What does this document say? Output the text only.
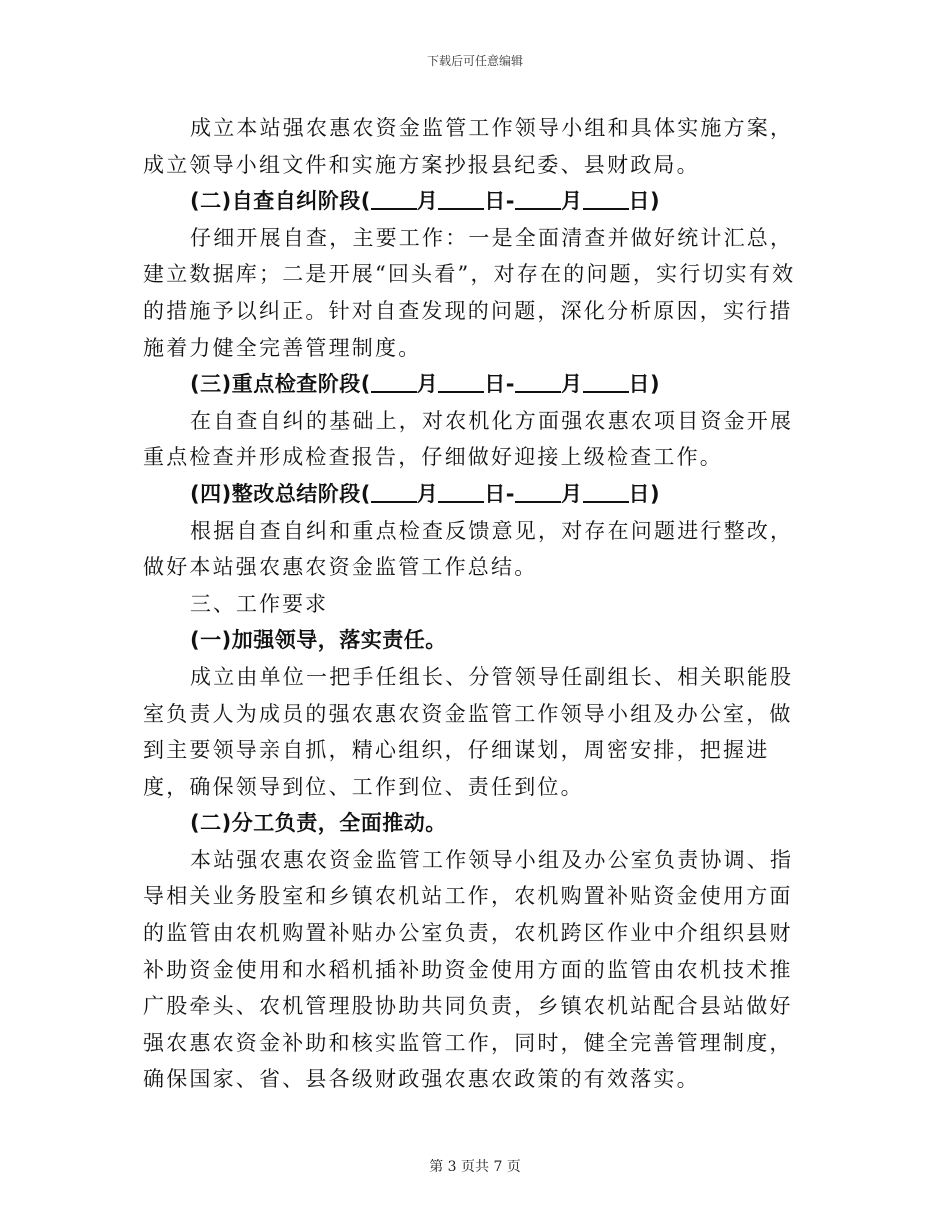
下载后可任意编辑

成立本站强农惠农资金监管工作领导小组和具体实施方案，成立领导小组文件和实施方案抄报县纪委、县财政局。

(二)自查自纠阶段( 月 日- 月 日)

仔细开展自查，主要工作：一是全面清查并做好统计汇总，建立数据库；二是开展“回头看”，对存在的问题，实行切实有效的措施予以纠正。针对自查发现的问题，深化分析原因，实行措施着力健全完善管理制度。

(三)重点检查阶段( 月 日- 月 日)

在自查自纠的基础上，对农机化方面强农惠农项目资金开展重点检查并形成检查报告，仔细做好迎接上级检查工作。

(四)整改总结阶段( 月 日- 月 日)

根据自查自纠和重点检查反馈意见，对存在问题进行整改，做好本站强农惠农资金监管工作总结。

三、工作要求

(一)加强领导，落实责任。

成立由单位一把手任组长、分管领导任副组长、相关职能股室负责人为成员的强农惠农资金监管工作领导小组及办公室，做到主要领导亲自抓，精心组织，仔细谋划，周密安排，把握进度，确保领导到位、工作到位、责任到位。

(二)分工负责，全面推动。

本站强农惠农资金监管工作领导小组及办公室负责协调、指导相关业务股室和乡镇农机站工作，农机购置补贴资金使用方面的监管由农机购置补贴办公室负责，农机跨区作业中介组织县财补助资金使用和水稻机插补助资金使用方面的监管由农机技术推广股牵头、农机管理股协助共同负责，乡镇农机站配合县站做好强农惠农资金补助和核实监管工作，同时，健全完善管理制度，确保国家、省、县各级财政强农惠农政策的有效落实。

第 3 页共 7 页
